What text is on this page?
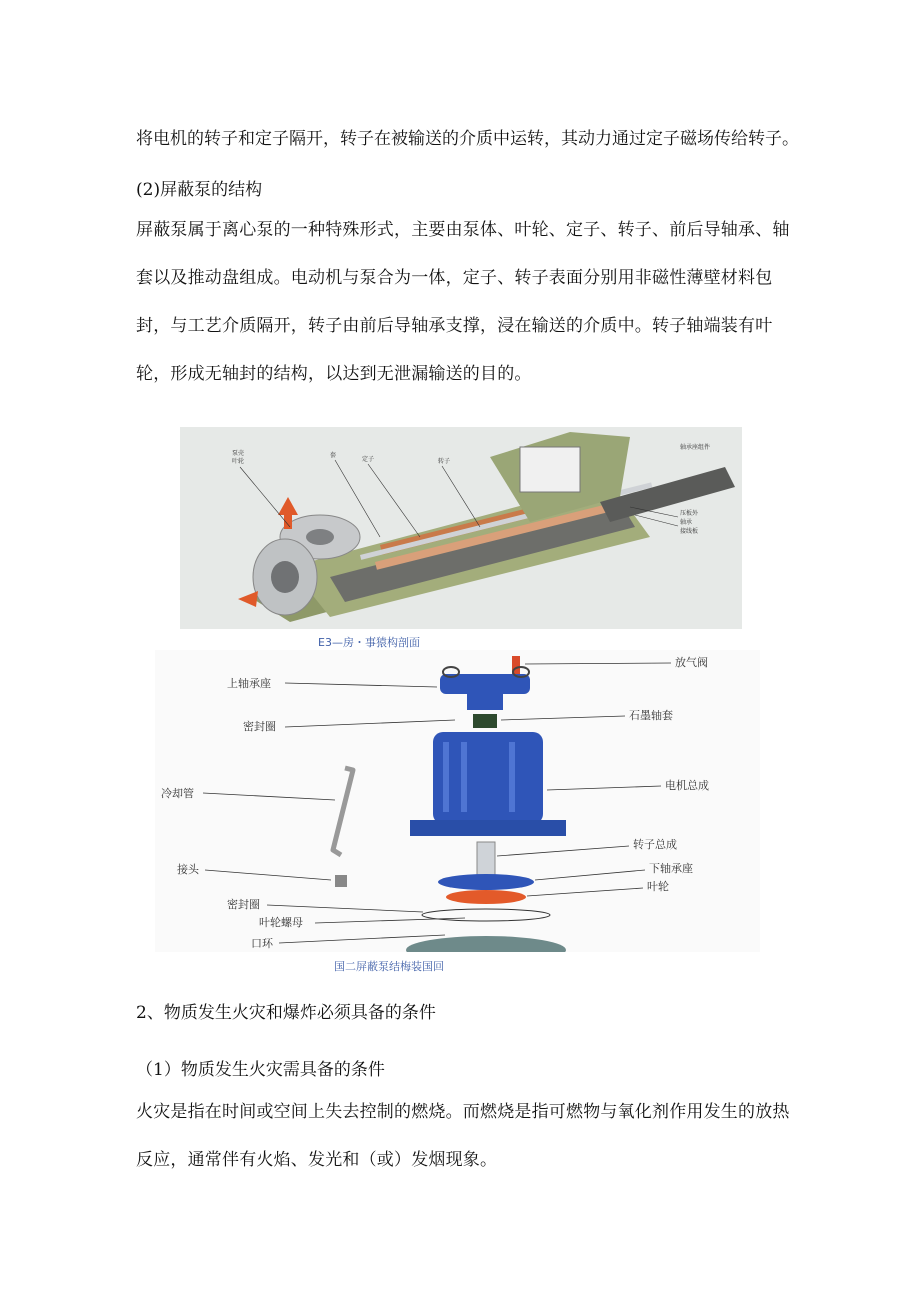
将电机的转子和定子隔开，转子在被输送的介质中运转，其动力通过定子磁场传给转子。

(2)屏蔽泵的结构

屏蔽泵属于离心泵的一种特殊形式，主要由泵体、叶轮、定子、转子、前后导轴承、轴套以及推动盘组成。电动机与泵合为一体，定子、转子表面分别用非磁性薄壁材料包封，与工艺介质隔开，转子由前后导轴承支撑，浸在输送的介质中。转子轴端装有叶轮，形成无轴封的结构，以达到无泄漏输送的目的。

泵壳
叶轮
套
定子	转子
轴承座组件
压板外
轴承
接线板
E3—房・事猿构剖面
上轴承座
密封圈
冷却管
接头
密封圈
叶轮螺母
口环
放气阀
石墨轴套
电机总成
转子总成
下轴承座
叶轮
国二屏蔽泵结梅装国回

2、物质发生火灾和爆炸必须具备的条件

（1）物质发生火灾需具备的条件

火灾是指在时间或空间上失去控制的燃烧。而燃烧是指可燃物与氧化剂作用发生的放热反应，通常伴有火焰、发光和（或）发烟现象。
